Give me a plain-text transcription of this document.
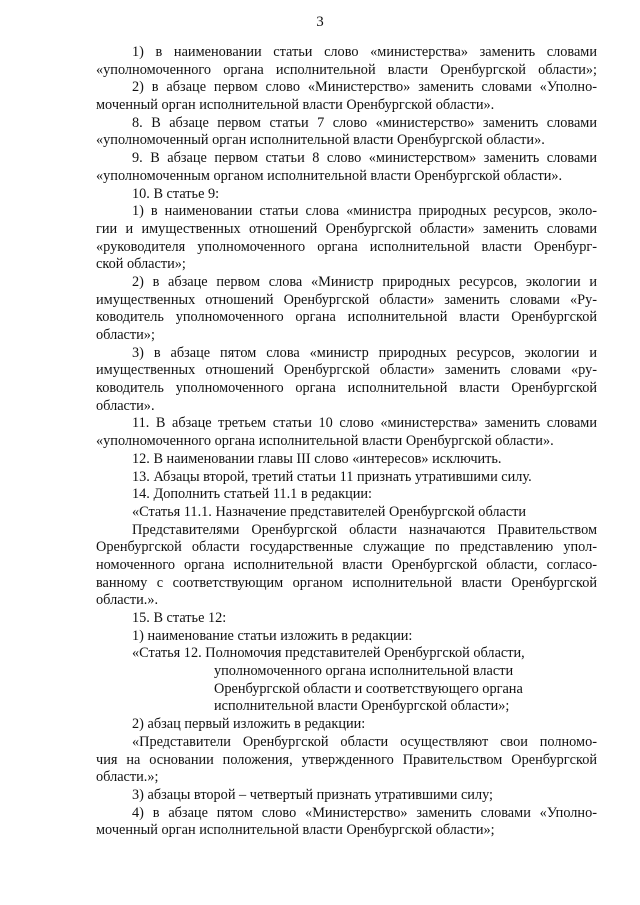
3
1) в наименовании статьи слово «министерства» заменить словами
«уполномоченного органа исполнительной власти Оренбургской области»;
2) в абзаце первом слово «Министерство» заменить словами «Уполно-
моченный орган исполнительной власти Оренбургской области».
8. В абзаце первом статьи 7 слово «министерство» заменить словами
«уполномоченный орган исполнительной власти Оренбургской области».
9. В абзаце первом статьи 8 слово «министерством» заменить словами
«уполномоченным органом исполнительной власти Оренбургской области».
10. В статье 9:
1) в наименовании статьи слова «министра природных ресурсов, эколо-
гии и имущественных отношений Оренбургской области» заменить словами
«руководителя уполномоченного органа исполнительной власти Оренбург-
ской области»;
2) в абзаце первом слова «Министр природных ресурсов, экологии и
имущественных отношений Оренбургской области» заменить словами «Ру-
ководитель уполномоченного органа исполнительной власти Оренбургской
области»;
3) в абзаце пятом слова «министр природных ресурсов, экологии и
имущественных отношений Оренбургской области» заменить словами «ру-
ководитель уполномоченного органа исполнительной власти Оренбургской
области».
11. В абзаце третьем статьи 10 слово «министерства» заменить словами
«уполномоченного органа исполнительной власти Оренбургской области».
12. В наименовании главы III слово «интересов» исключить.
13. Абзацы второй, третий статьи 11 признать утратившими силу.
14. Дополнить статьей 11.1 в редакции:
«Статья 11.1. Назначение представителей Оренбургской области
Представителями Оренбургской области назначаются Правительством
Оренбургской области государственные служащие по представлению упол-
номоченного органа исполнительной власти Оренбургской области, согласо-
ванному с соответствующим органом исполнительной власти Оренбургской
области.».
15. В статье 12:
1) наименование статьи изложить в редакции:
«Статья 12. Полномочия представителей Оренбургской области,
уполномоченного органа исполнительной власти
Оренбургской области и соответствующего органа
исполнительной власти Оренбургской области»;
2) абзац первый изложить в редакции:
«Представители Оренбургской области осуществляют свои полномо-
чия на основании положения, утвержденного Правительством Оренбургской
области.»;
3) абзацы второй – четвертый признать утратившими силу;
4) в абзаце пятом слово «Министерство» заменить словами «Уполно-
моченный орган исполнительной власти Оренбургской области»;
